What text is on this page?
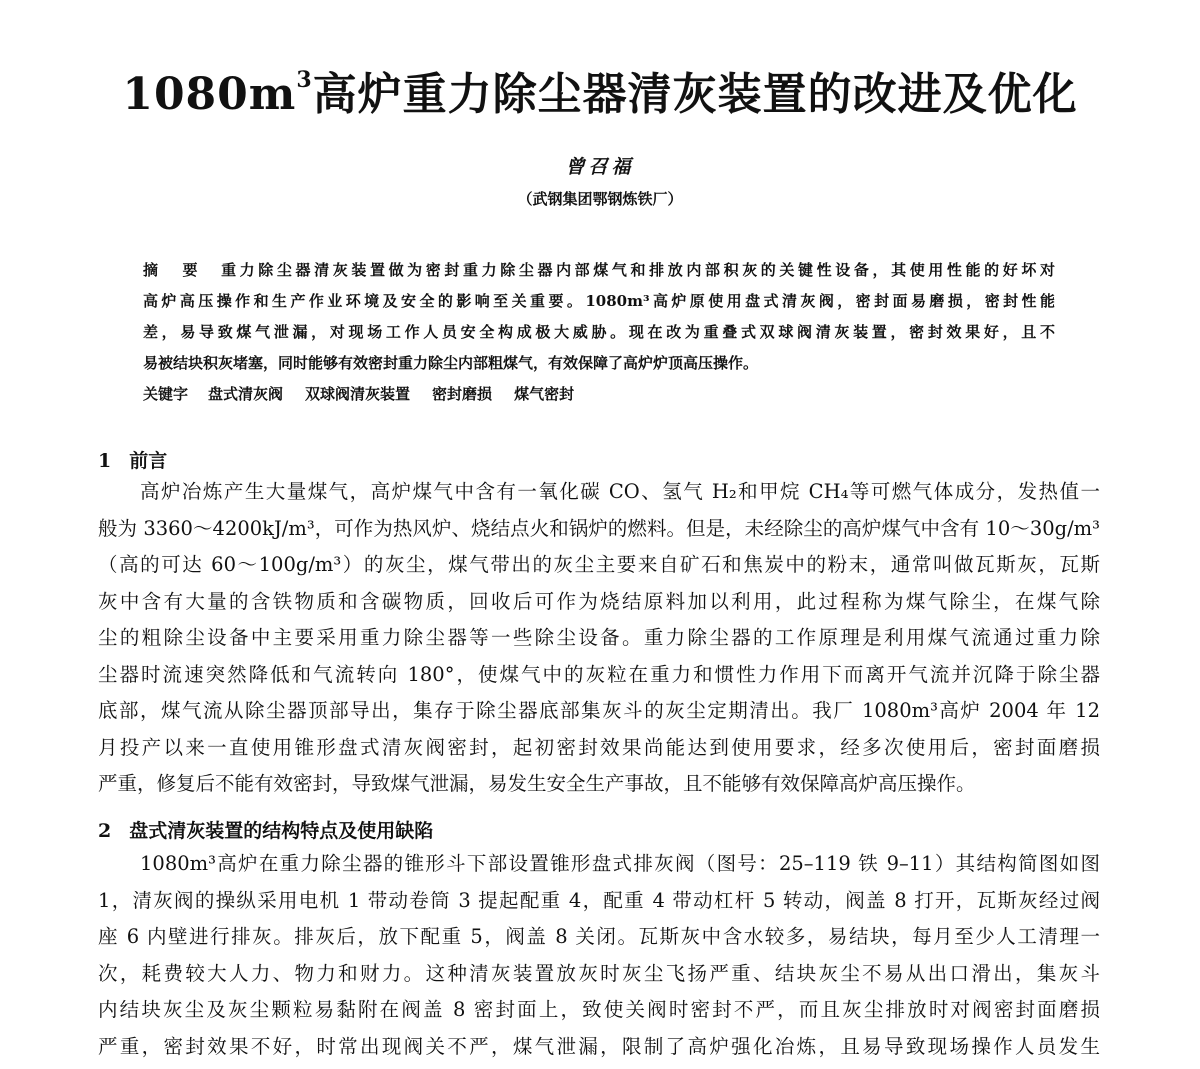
$1080m^3$高炉重力除尘器清灰装置的改进及优化
曾召福
（武钢集团鄂钢炼铁厂）
摘 要 重力除尘器清灰装置做为密封重力除尘器内部煤气和排放内部积灰的关键性设备，其使用性能的好坏对
高炉高压操作和生产作业环境及安全的影响至关重要。1080m³高炉原使用盘式清灰阀，密封面易磨损，密封性能
差，易导致煤气泄漏，对现场工作人员安全构成极大威胁。现在改为重叠式双球阀清灰装置，密封效果好，且不
易被结块积灰堵塞，同时能够有效密封重力除尘内部粗煤气，有效保障了高炉炉顶高压操作。
关键字 盘式清灰阀 双球阀清灰装置 密封磨损 煤气密封
1 前言
高炉冶炼产生大量煤气，高炉煤气中含有一氧化碳 CO、氢气 H₂和甲烷 CH₄等可燃气体成分，发热值一
般为 3360～4200kJ/m³，可作为热风炉、烧结点火和锅炉的燃料。但是，未经除尘的高炉煤气中含有 10～30g/m³
（高的可达 60～100g/m³）的灰尘，煤气带出的灰尘主要来自矿石和焦炭中的粉末，通常叫做瓦斯灰，瓦斯
灰中含有大量的含铁物质和含碳物质，回收后可作为烧结原料加以利用，此过程称为煤气除尘，在煤气除
尘的粗除尘设备中主要采用重力除尘器等一些除尘设备。重力除尘器的工作原理是利用煤气流通过重力除
尘器时流速突然降低和气流转向 180°，使煤气中的灰粒在重力和惯性力作用下而离开气流并沉降于除尘器
底部，煤气流从除尘器顶部导出，集存于除尘器底部集灰斗的灰尘定期清出。我厂 1080m³高炉 2004 年 12
月投产以来一直使用锥形盘式清灰阀密封，起初密封效果尚能达到使用要求，经多次使用后，密封面磨损
严重，修复后不能有效密封，导致煤气泄漏，易发生安全生产事故，且不能够有效保障高炉高压操作。
2 盘式清灰装置的结构特点及使用缺陷
1080m³高炉在重力除尘器的锥形斗下部设置锥形盘式排灰阀（图号：25–119 铁 9–11）其结构简图如图
1，清灰阀的操纵采用电机 1 带动卷筒 3 提起配重 4，配重 4 带动杠杆 5 转动，阀盖 8 打开，瓦斯灰经过阀
座 6 内壁进行排灰。排灰后，放下配重 5，阀盖 8 关闭。瓦斯灰中含水较多，易结块，每月至少人工清理一
次，耗费较大人力、物力和财力。这种清灰装置放灰时灰尘飞扬严重、结块灰尘不易从出口滑出，集灰斗
内结块灰尘及灰尘颗粒易黏附在阀盖 8 密封面上，致使关阀时密封不严，而且灰尘排放时对阀密封面磨损
严重，密封效果不好，时常出现阀关不严，煤气泄漏，限制了高炉强化冶炼，且易导致现场操作人员发生
